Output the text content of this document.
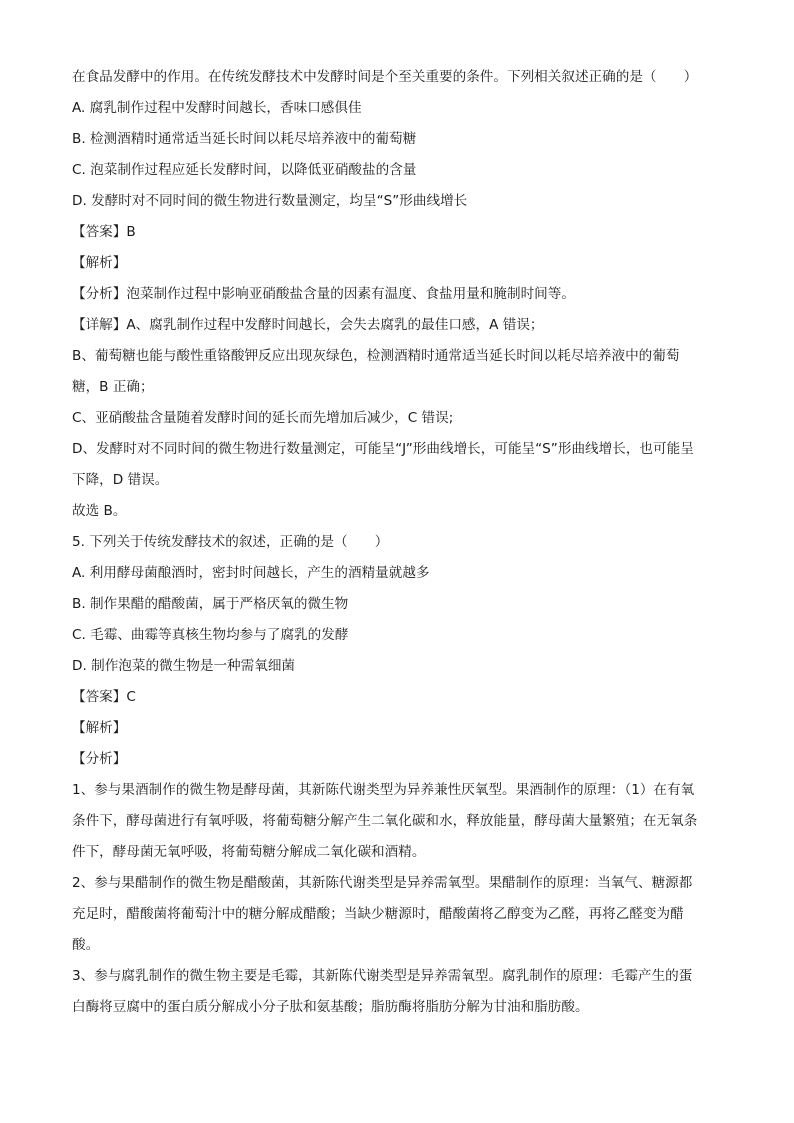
在食品发酵中的作用。在传统发酵技术中发酵时间是个至关重要的条件。下列相关叙述正确的是（　　）

A. 腐乳制作过程中发酵时间越长，香味口感俱佳

B. 检测酒精时通常适当延长时间以耗尽培养液中的葡萄糖

C. 泡菜制作过程应延长发酵时间，以降低亚硝酸盐的含量

D. 发酵时对不同时间的微生物进行数量测定，均呈“S”形曲线增长

【答案】B

【解析】

【分析】泡菜制作过程中影响亚硝酸盐含量的因素有温度、食盐用量和腌制时间等。

【详解】A、腐乳制作过程中发酵时间越长，会失去腐乳的最佳口感，A 错误；

B、葡萄糖也能与酸性重铬酸钾反应出现灰绿色，检测酒精时通常适当延长时间以耗尽培养液中的葡萄

糖，B 正确；

C、亚硝酸盐含量随着发酵时间的延长而先增加后减少，C 错误;

D、发酵时对不同时间的微生物进行数量测定，可能呈“J”形曲线增长，可能呈“S”形曲线增长，也可能呈

下降，D 错误。

故选 B。

5. 下列关于传统发酵技术的叙述，正确的是（　　）

A. 利用酵母菌酿酒时，密封时间越长，产生的酒精量就越多

B. 制作果醋的醋酸菌，属于严格厌氧的微生物

C. 毛霉、曲霉等真核生物均参与了腐乳的发酵

D. 制作泡菜的微生物是一种需氧细菌

【答案】C

【解析】

【分析】

1、参与果酒制作的微生物是酵母菌，其新陈代谢类型为异养兼性厌氧型。果酒制作的原理：（1）在有氧

条件下，酵母菌进行有氧呼吸，将葡萄糖分解产生二氧化碳和水，释放能量，酵母菌大量繁殖；在无氧条

件下，酵母菌无氧呼吸，将葡萄糖分解成二氧化碳和酒精。

2、参与果醋制作的微生物是醋酸菌，其新陈代谢类型是异养需氧型。果醋制作的原理：当氧气、糖源都

充足时，醋酸菌将葡萄汁中的糖分解成醋酸；当缺少糖源时，醋酸菌将乙醇变为乙醛，再将乙醛变为醋

酸。

3、参与腐乳制作的微生物主要是毛霉，其新陈代谢类型是异养需氧型。腐乳制作的原理：毛霉产生的蛋

白酶将豆腐中的蛋白质分解成小分子肽和氨基酸；脂肪酶将脂肪分解为甘油和脂肪酸。
